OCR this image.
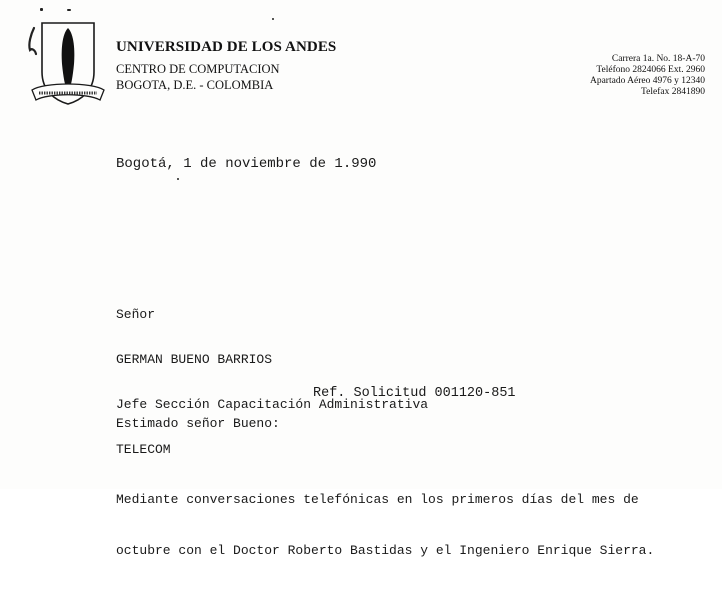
UNIVERSIDAD DE LOS ANDES
CENTRO DE COMPUTACION
BOGOTA, D.E. - COLOMBIA
Carrera 1a. No. 18-A-70
Teléfono 2824066 Ext. 2960
Apartado Aéreo 4976 y 12340
Telefax 2841890
Bogotá, 1 de noviembre de 1.990

Señor

GERMAN BUENO BARRIOS

Jefe Sección Capacitación Administrativa

TELECOM

Ref. Solicitud 001120-851
Estimado señor Bueno:

Mediante conversaciones telefónicas en los primeros días del mes de

octubre con el Doctor Roberto Bastidas y el Ingeniero Enrique Sierra.
